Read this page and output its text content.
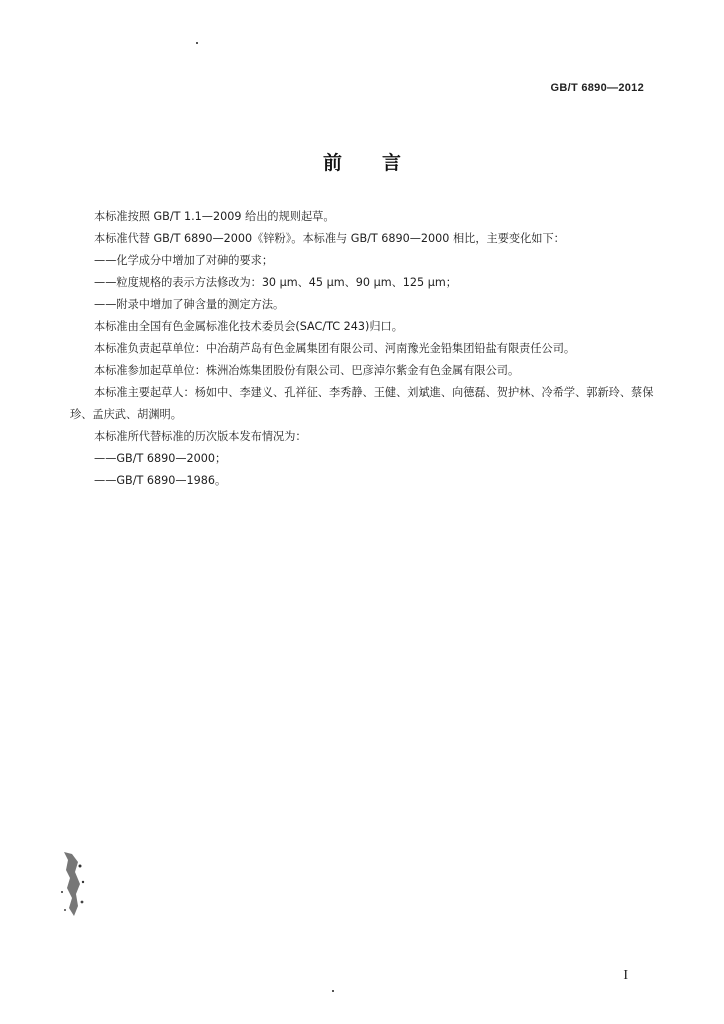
GB/T 6890—2012
前言

本标准按照 GB/T 1.1—2009 给出的规则起草。

本标准代替 GB/T 6890—2000《锌粉》。本标准与 GB/T 6890—2000 相比，主要变化如下：

——化学成分中增加了对砷的要求；

——粒度规格的表示方法修改为：30 μm、45 μm、90 μm、125 μm；

——附录中增加了砷含量的测定方法。

本标准由全国有色金属标准化技术委员会(SAC/TC 243)归口。

本标准负责起草单位：中冶葫芦岛有色金属集团有限公司、河南豫光金铅集团铅盐有限责任公司。

本标准参加起草单位：株洲冶炼集团股份有限公司、巴彦淖尔紫金有色金属有限公司。

本标准主要起草人：杨如中、李建义、孔祥征、李秀静、王健、刘斌進、向德磊、贺护林、冷希学、郭新玲、蔡保珍、孟庆武、胡渊明。

本标准所代替标准的历次版本发布情况为：

——GB/T 6890—2000；

——GB/T 6890—1986。

I
